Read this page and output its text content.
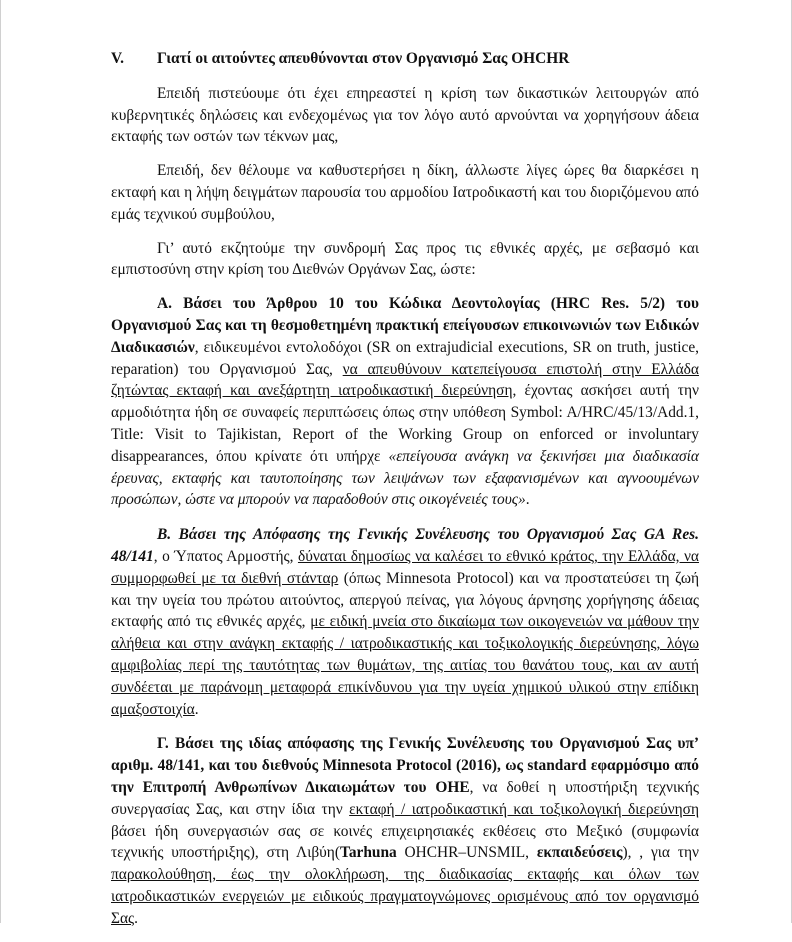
V. Γιατί οι αιτούντες απευθύνονται στον Οργανισμό Σας OHCHR

Επειδή πιστεύουμε ότι έχει επηρεαστεί η κρίση των δικαστικών λειτουργών από κυβερνητικές δηλώσεις και ενδεχομένως για τον λόγο αυτό αρνούνται να χορηγήσουν άδεια εκταφής των οστών των τέκνων μας,

Επειδή, δεν θέλουμε να καθυστερήσει η δίκη, άλλωστε λίγες ώρες θα διαρκέσει η εκταφή και η λήψη δειγμάτων παρουσία του αρμοδίου Ιατροδικαστή και του διοριζόμενου από εμάς τεχνικού συμβούλου,

Γι’ αυτό εκζητούμε την συνδρομή Σας προς τις εθνικές αρχές, με σεβασμό και εμπιστοσύνη στην κρίση του Διεθνών Οργάνων Σας, ώστε:

Α. Βάσει του Άρθρου 10 του Κώδικα Δεοντολογίας (HRC Res. 5/2) του Οργανισμού Σας και τη θεσμοθετημένη πρακτική επείγουσων επικοινωνιών των Ειδικών Διαδικασιών, ειδικευμένοι εντολοδόχοι (SR on extrajudicial executions, SR on truth, justice, reparation) του Οργανισμού Σας, να απευθύνουν κατεπείγουσα επιστολή στην Ελλάδα ζητώντας εκταφή και ανεξάρτητη ιατροδικαστική διερεύνηση, έχοντας ασκήσει αυτή την αρμοδιότητα ήδη σε συναφείς περιπτώσεις όπως στην υπόθεση Symbol: A/HRC/45/13/Add.1, Title: Visit to Tajikistan, Report of the Working Group on enforced or involuntary disappearances, όπου κρίνατε ότι υπήρχε «επείγουσα ανάγκη να ξεκινήσει μια διαδικασία έρευνας, εκταφής και ταυτοποίησης των λειψάνων των εξαφανισμένων και αγνοουμένων προσώπων, ώστε να μπορούν να παραδοθούν στις οικογένειές τους».

Β. Βάσει της Απόφασης της Γενικής Συνέλευσης του Οργανισμού Σας GA Res. 48/141, ο Ύπατος Αρμοστής, δύναται δημοσίως να καλέσει το εθνικό κράτος, την Ελλάδα, να συμμορφωθεί με τα διεθνή στάνταρ (όπως Minnesota Protocol) και να προστατεύσει τη ζωή και την υγεία του πρώτου αιτούντος, απεργού πείνας, για λόγους άρνησης χορήγησης άδειας εκταφής από τις εθνικές αρχές, με ειδική μνεία στο δικαίωμα των οικογενειών να μάθουν την αλήθεια και στην ανάγκη εκταφής / ιατροδικαστικής και τοξικολογικής διερεύνησης, λόγω αμφιβολίας περί της ταυτότητας των θυμάτων, της αιτίας του θανάτου τους, και αν αυτή συνδέεται με παράνομη μεταφορά επικίνδυνου για την υγεία χημικού υλικού στην επίδικη αμαξοστοιχία.

Γ. Βάσει της ιδίας απόφασης της Γενικής Συνέλευσης του Οργανισμού Σας υπ’ αριθμ. 48/141, και του διεθνούς Minnesota Protocol (2016), ως standard εφαρμόσιμο από την Επιτροπή Ανθρωπίνων Δικαιωμάτων του ΟΗΕ, να δοθεί η υποστήριξη τεχνικής συνεργασίας Σας, και στην ίδια την εκταφή / ιατροδικαστική και τοξικολογική διερεύνηση βάσει ήδη συνεργασιών σας σε κοινές επιχειρησιακές εκθέσεις στο Μεξικό (συμφωνία τεχνικής υποστήριξης), στη Λιβύη(Tarhuna OHCHR–UNSMIL, εκπαιδεύσεις), , για την παρακολούθηση, έως την ολοκλήρωση, της διαδικασίας εκταφής και όλων των ιατροδικαστικών ενεργειών με ειδικούς πραγματογνώμονες ορισμένους από τον οργανισμό Σας.
